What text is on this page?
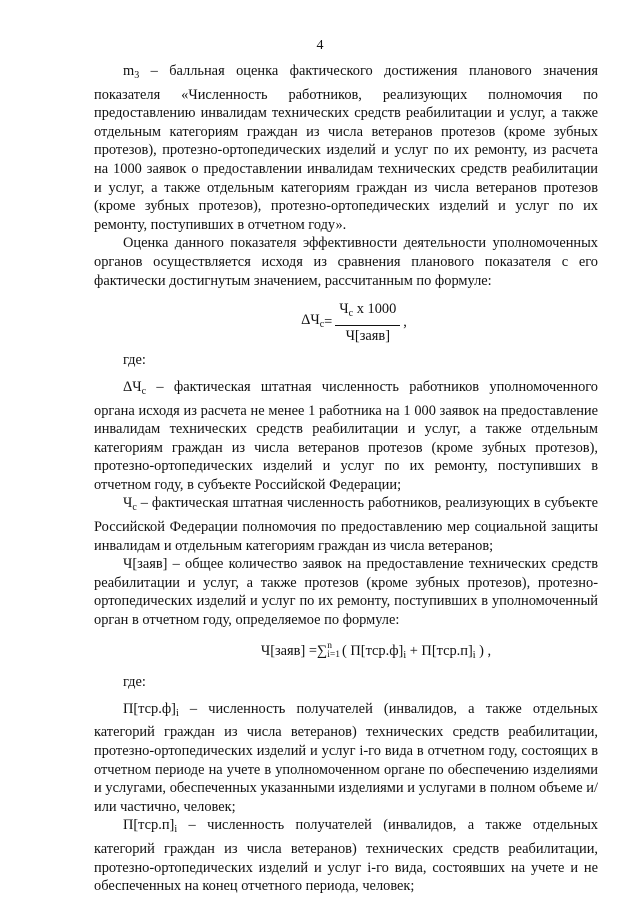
4

$m_3$ – балльная оценка фактического достижения планового значения показателя «Численность работников, реализующих полномочия по предоставлению инвалидам технических средств реабилитации и услуг, а также отдельным категориям граждан из числа ветеранов протезов (кроме зубных протезов), протезно-ортопедических изделий и услуг по их ремонту, из расчета на 1000 заявок о предоставлении инвалидам технических средств реабилитации и услуг, а также отдельным категориям граждан из числа ветеранов протезов (кроме зубных протезов), протезно-ортопедических изделий и услуг по их ремонту, поступивших в отчетном году».

Оценка данного показателя эффективности деятельности уполномоченных органов осуществляется исходя из сравнения планового показателя с его фактически достигнутым значением, рассчитанным по формуле:

$\Delta Ч_с = \frac{Ч_с х 1000}{\text{Ч[заяв]}}$ ,

где:

$\Delta Ч_с$ – фактическая штатная численность работников уполномоченного органа исходя из расчета не менее 1 работника на 1 000 заявок на предоставление инвалидам технических средств реабилитации и услуг, а также отдельным категориям граждан из числа ветеранов протезов (кроме зубных протезов), протезно-ортопедических изделий и услуг по их ремонту, поступивших в отчетном году, в субъекте Российской Федерации;

$Ч_с$ – фактическая штатная численность работников, реализующих в субъекте Российской Федерации полномочия по предоставлению мер социальной защиты инвалидам и отдельным категориям граждан из числа ветеранов;

Ч[заяв] – общее количество заявок на предоставление технических средств реабилитации и услуг, а также протезов (кроме зубных протезов), протезно-ортопедических изделий и услуг по их ремонту, поступивших в уполномоченный орган в отчетном году, определяемое по формуле:

Ч[заяв] = ∑ n
i=1 ( $П[тср.ф]_i + П[тср.п]_i$ ) ,

где:

$П[тср.ф]_i$ – численность получателей (инвалидов, а также отдельных категорий граждан из числа ветеранов) технических средств реабилитации, протезно-ортопедических изделий и услуг i-го вида в отчетном году, состоящих в отчетном периоде на учете в уполномоченном органе по обеспечению изделиями и услугами, обеспеченных указанными изделиями и услугами в полном объеме и/или частично, человек;

$П[тср.п]_i$ – численность получателей (инвалидов, а также отдельных категорий граждан из числа ветеранов) технических средств реабилитации, протезно-ортопедических изделий и услуг i-го вида, состоявших на учете и не обеспеченных на конец отчетного периода, человек;
